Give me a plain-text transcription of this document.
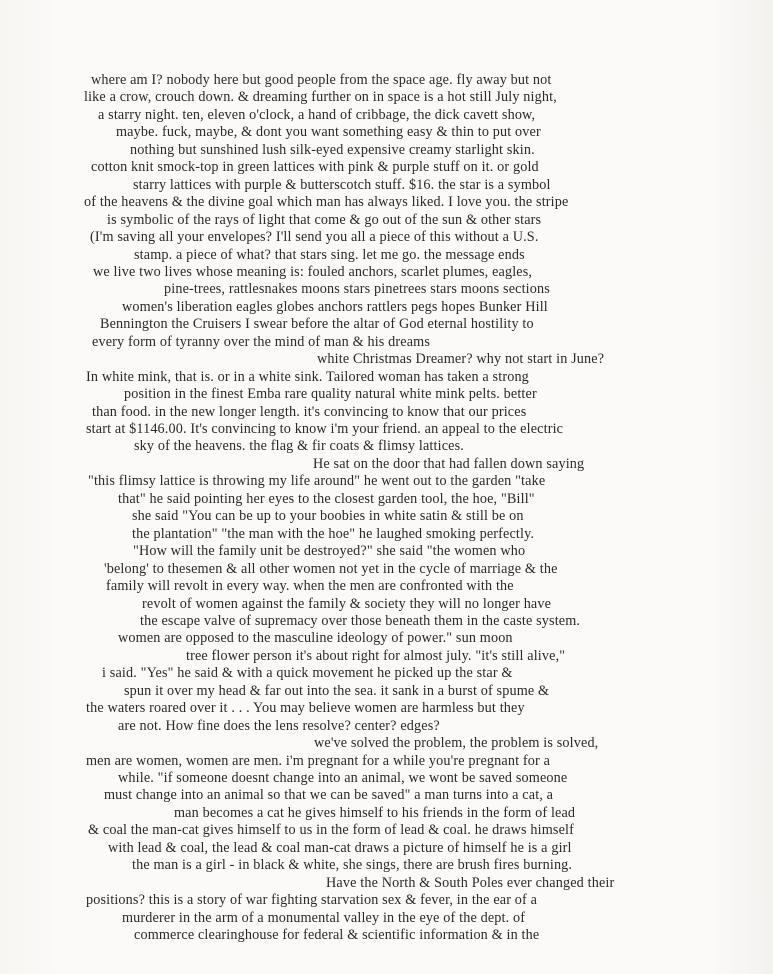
where am I? nobody here but good people from the space age. fly away but not
like a crow, crouch down. & dreaming further on in space is a hot still July night,
a starry night. ten, eleven o'clock, a hand of cribbage, the dick cavett show,
maybe. fuck, maybe, & dont you want something easy & thin to put over
nothing but sunshined lush silk-eyed expensive creamy starlight skin.
cotton knit smock-top in green lattices with pink & purple stuff on it. or gold
starry lattices with purple & butterscotch stuff. $16. the star is a symbol
of the heavens & the divine goal which man has always liked. I love you. the stripe
is symbolic of the rays of light that come & go out of the sun & other stars
(I'm saving all your envelopes? I'll send you all a piece of this without a U.S.
stamp. a piece of what? that stars sing. let me go. the message ends
we live two lives whose meaning is: fouled anchors, scarlet plumes, eagles,
pine-trees, rattlesnakes moons stars pinetrees stars moons sections
women's liberation eagles globes anchors rattlers pegs hopes Bunker Hill
Bennington the Cruisers I swear before the altar of God eternal hostility to
every form of tyranny over the mind of man & his dreams
white Christmas Dreamer? why not start in June?
In white mink, that is. or in a white sink. Tailored woman has taken a strong
position in the finest Emba rare quality natural white mink pelts. better
than food. in the new longer length. it's convincing to know that our prices
start at $1146.00. It's convincing to know i'm your friend. an appeal to the electric
sky of the heavens. the flag & fir coats & flimsy lattices.
He sat on the door that had fallen down saying
"this flimsy lattice is throwing my life around" he went out to the garden "take
that" he said pointing her eyes to the closest garden tool, the hoe, "Bill"
she said "You can be up to your boobies in white satin & still be on
the plantation" "the man with the hoe" he laughed smoking perfectly.
"How will the family unit be destroyed?" she said "the women who
'belong' to thesemen & all other women not yet in the cycle of marriage & the
family will revolt in every way. when the men are confronted with the
revolt of women against the family & society they will no longer have
the escape valve of supremacy over those beneath them in the caste system.
women are opposed to the masculine ideology of power." sun moon
tree flower person it's about right for almost july. "it's still alive,"
i said. "Yes" he said & with a quick movement he picked up the star &
spun it over my head & far out into the sea. it sank in a burst of spume &
the waters roared over it . . . You may believe women are harmless but they
are not. How fine does the lens resolve? center? edges?
we've solved the problem, the problem is solved,
men are women, women are men. i'm pregnant for a while you're pregnant for a
while. "if someone doesnt change into an animal, we wont be saved someone
must change into an animal so that we can be saved" a man turns into a cat, a
man becomes a cat he gives himself to his friends in the form of lead
& coal the man-cat gives himself to us in the form of lead & coal. he draws himself
with lead & coal, the lead & coal man-cat draws a picture of himself he is a girl
the man is a girl - in black & white, she sings, there are brush fires burning.
Have the North & South Poles ever changed their
positions? this is a story of war fighting starvation sex & fever, in the ear of a
murderer in the arm of a monumental valley in the eye of the dept. of
commerce clearinghouse for federal & scientific information & in the
